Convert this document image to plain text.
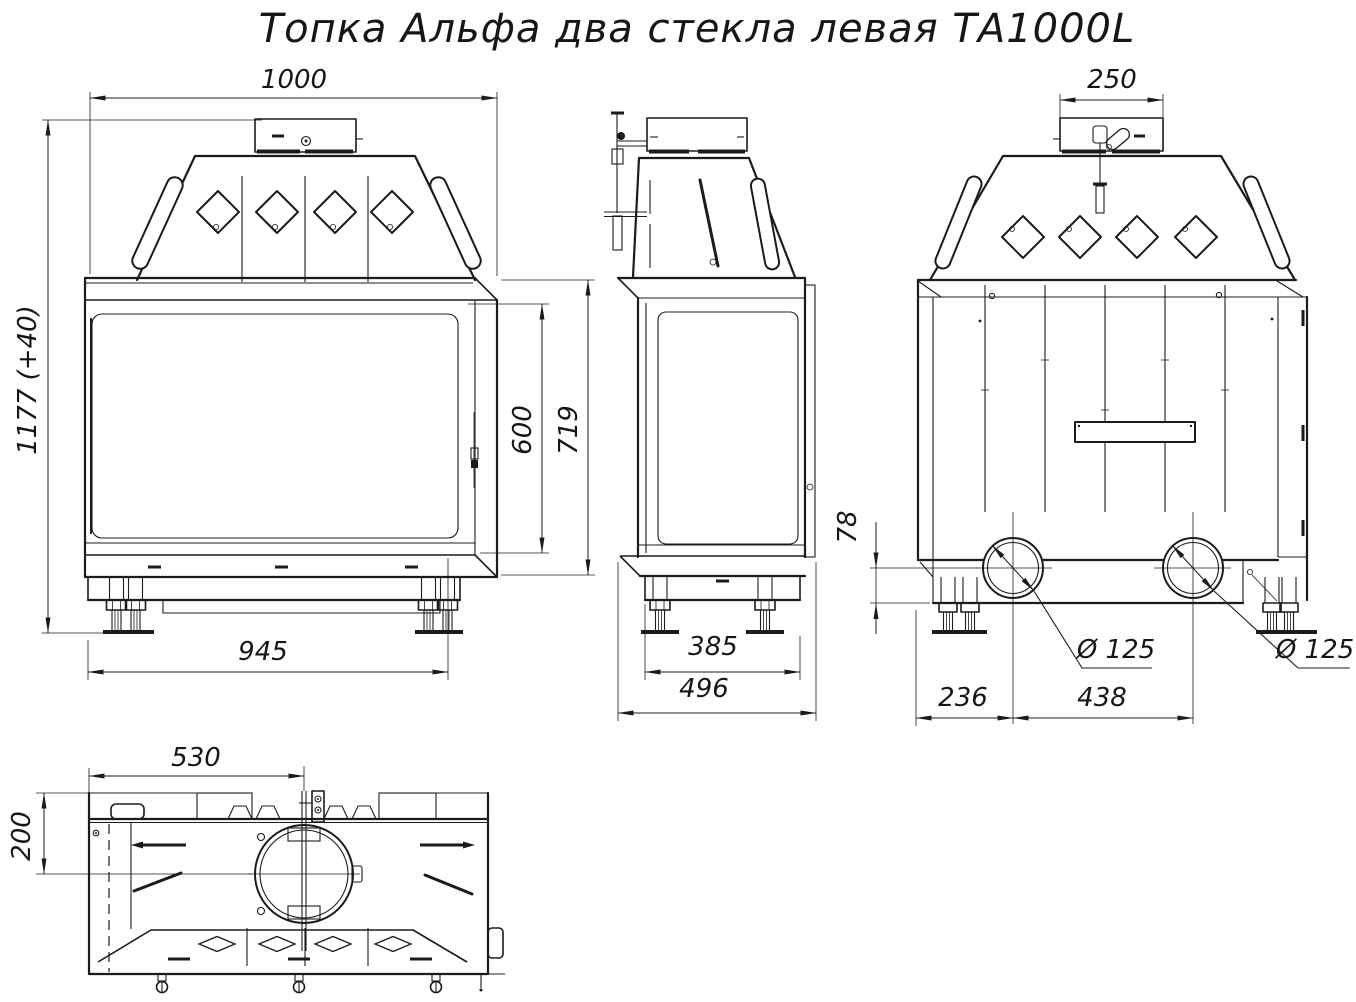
Топка Альфа два стекла левая ТА1000L
1000
1177 (+40)	600 719
945	385
496
250
Ø 125	Ø 125
78
236	438
530
200
